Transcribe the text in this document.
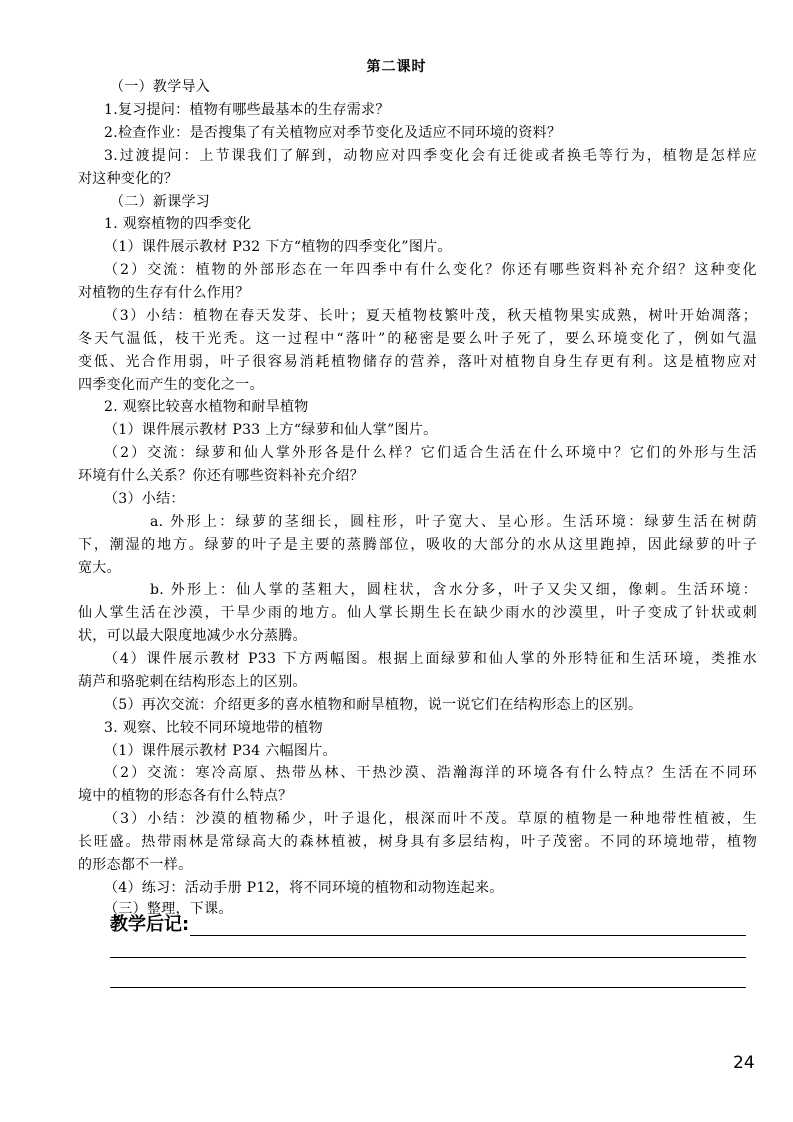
第二课时
（一）教学导入
1.复习提问：植物有哪些最基本的生存需求？
2.检查作业：是否搜集了有关植物应对季节变化及适应不同环境的资料？
3.过渡提问：上节课我们了解到，动物应对四季变化会有迁徙或者换毛等行为，植物是怎样应
对这种变化的？
（二）新课学习
1. 观察植物的四季变化
（1）课件展示教材 P32 下方“植物的四季变化”图片。
（2）交流：植物的外部形态在一年四季中有什么变化？你还有哪些资料补充介绍？这种变化
对植物的生存有什么作用？
（3）小结：植物在春天发芽、长叶；夏天植物枝繁叶茂，秋天植物果实成熟，树叶开始凋落；
冬天气温低，枝干光秃。这一过程中“落叶”的秘密是要么叶子死了，要么环境变化了，例如气温
变低、光合作用弱，叶子很容易消耗植物储存的营养，落叶对植物自身生存更有利。这是植物应对
四季变化而产生的变化之一。
2. 观察比较喜水植物和耐旱植物
（1）课件展示教材 P33 上方“绿萝和仙人掌”图片。
（2）交流：绿萝和仙人掌外形各是什么样？它们适合生活在什么环境中？它们的外形与生活
环境有什么关系？你还有哪些资料补充介绍？
（3）小结：
a. 外形上：绿萝的茎细长，圆柱形，叶子宽大、呈心形。生活环境：绿萝生活在树荫
下，潮湿的地方。绿萝的叶子是主要的蒸腾部位，吸收的大部分的水从这里跑掉，因此绿萝的叶子
宽大。
b. 外形上：仙人掌的茎粗大，圆柱状，含水分多，叶子又尖又细，像刺。生活环境：
仙人掌生活在沙漠，干旱少雨的地方。仙人掌长期生长在缺少雨水的沙漠里，叶子变成了针状或刺
状，可以最大限度地减少水分蒸腾。
（4）课件展示教材 P33 下方两幅图。根据上面绿萝和仙人掌的外形特征和生活环境，类推水
葫芦和骆驼刺在结构形态上的区别。
（5）再次交流：介绍更多的喜水植物和耐旱植物，说一说它们在结构形态上的区别。
3. 观察、比较不同环境地带的植物
（1）课件展示教材 P34 六幅图片。
（2）交流：寒冷高原、热带丛林、干热沙漠、浩瀚海洋的环境各有什么特点？生活在不同环
境中的植物的形态各有什么特点？
（3）小结：沙漠的植物稀少，叶子退化，根深而叶不茂。草原的植物是一种地带性植被，生
长旺盛。热带雨林是常绿高大的森林植被，树身具有多层结构，叶子茂密。不同的环境地带，植物
的形态都不一样。
（4）练习：活动手册 P12，将不同环境的植物和动物连起来。
（三）整理，下课。
教学后记:
24
